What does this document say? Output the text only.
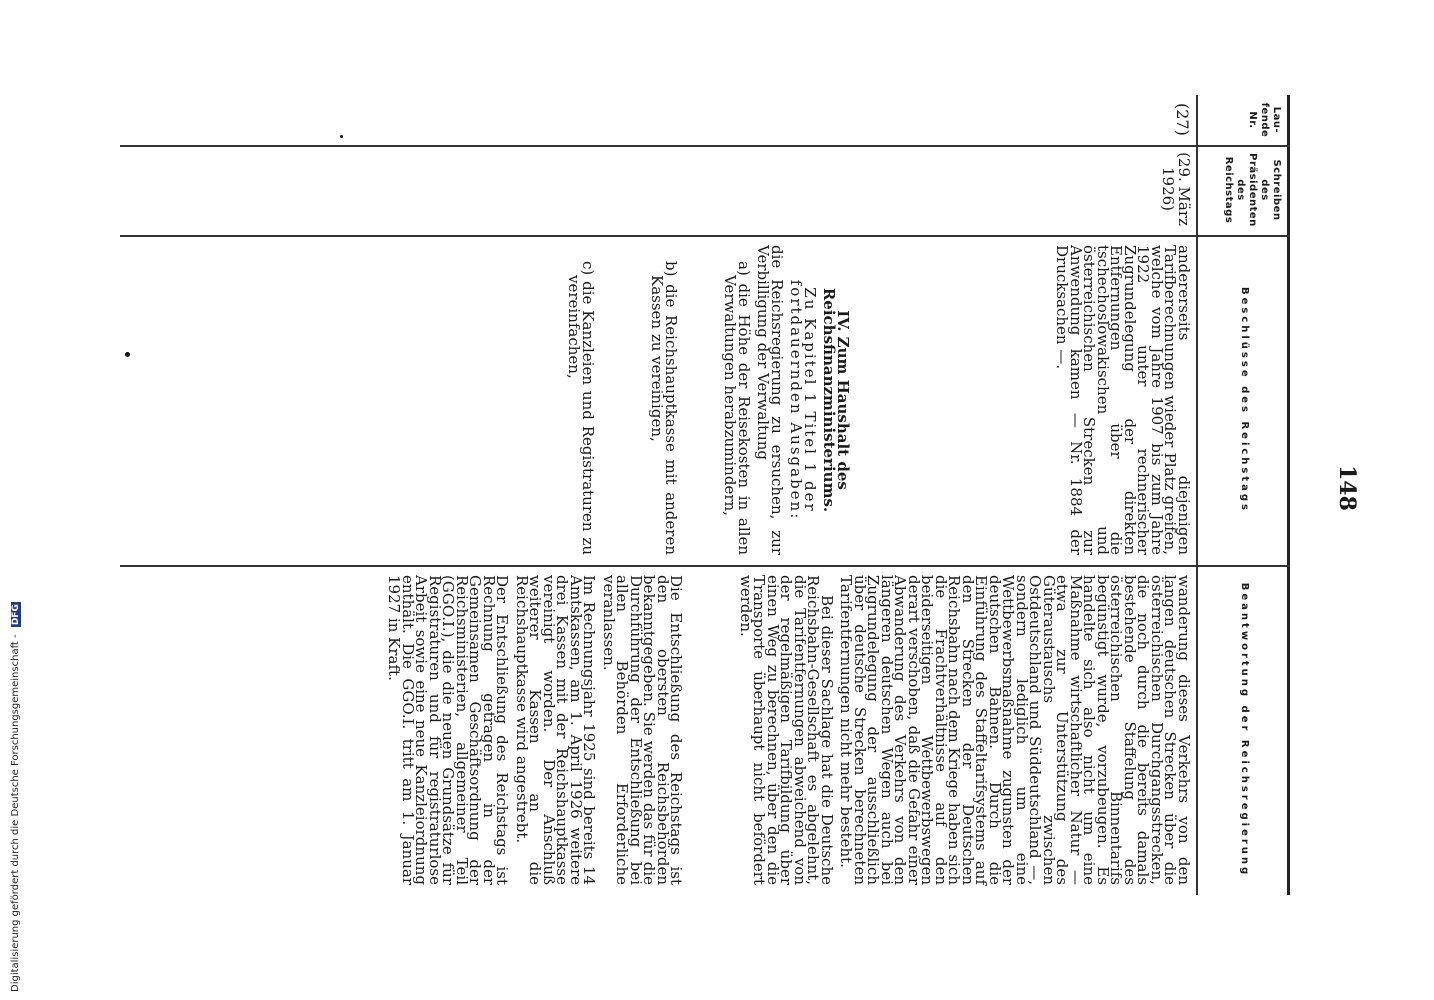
Digitalisierung gefördert durch die Deutsche Forschungsgemeinschaft - DFG
148
Lau-
fende
Nr.
Schreiben
des
Präsidenten
des
Reichstags
Beschlüsse des Reichstags
Beantwortung der Reichsregierung
(27)
(29. März
1926)

andererseits diejenigen Tarifberechnungen wieder Platz greifen, welche vom Jahre 1907 bis zum Jahre 1922 unter rechnerischer Zugrundelegung der direkten Entfernungen über die tschechoslowakischen und österreichischen Strecken zur Anwendung kamen — Nr. 1884 der Drucksachen —.

IV. Zum Haushalt des Reichsfinanzministeriums.

Zu Kapitel 1 Titel 1 der fortdauernden Ausgaben:

die Reichsregierung zu ersuchen, zur Verbilligung der Verwaltung

a) die Höhe der Reisekosten in allen Verwaltungen herabzumindern,

b) die Reichshauptkasse mit anderen Kassen zu vereinigen,

c) die Kanzleien und Registraturen zu vereinfachen,

wanderung dieses Verkehrs von den langen deutschen Strecken über die österreichischen Durchgangsstrecken, die noch durch die bereits damals bestehende Staffelung des österreichischen Binnentarifs begünstigt wurde, vorzubeugen. Es handelte sich also nicht um eine Maßnahme wirtschaftlicher Natur — etwa zur Unterstützung des Güteraustauschs zwischen Ostdeutschland und Süddeutschland —, sondern lediglich um eine Wettbewerbsmaßnahme zugunsten der deutschen Bahnen. Durch die Einführung des Staffeltarifsystems auf den Strecken der Deutschen Reichsbahn nach dem Kriege haben sich die Frachtverhältnisse auf den beiderseitigen Wettbewerbswegen derart verschoben, daß die Gefahr einer Abwanderung des Verkehrs von den längeren deutschen Wegen auch bei Zugrundelegung der ausschließlich über deutsche Strecken berechneten Tarifentfernungen nicht mehr besteht.

Bei dieser Sachlage hat die Deutsche Reichsbahn-Gesellschaft es abgelehnt, die Tarifentfernungen abweichend von der regelmäßigen Tarifbildung über einen Weg zu berechnen, über den die Transporte überhaupt nicht befördert werden.

Die Entschließung des Reichstags ist den obersten Reichsbehörden bekanntgegeben. Sie werden das für die Durchführung der Entschließung bei allen Behörden Erforderliche veranlassen.

Im Rechnungsjahr 1925 sind bereits 14 Amtskassen, am 1. April 1926 weitere drei Kassen mit der Reichshauptkasse vereinigt worden. Der Anschluß weiterer Kassen an die Reichshauptkasse wird angestrebt.

Der Entschließung des Reichstags ist Rechnung getragen in der Gemeinsamen Geschäftsordnung der Reichsministerien, allgemeiner Teil (GGO.I.), die die neuen Grundsätze für Registraturen und für registraturlose Arbeit sowie eine neue Kanzleiordnung enthält. Die GGO.I. tritt am 1. Januar 1927 in Kraft.
